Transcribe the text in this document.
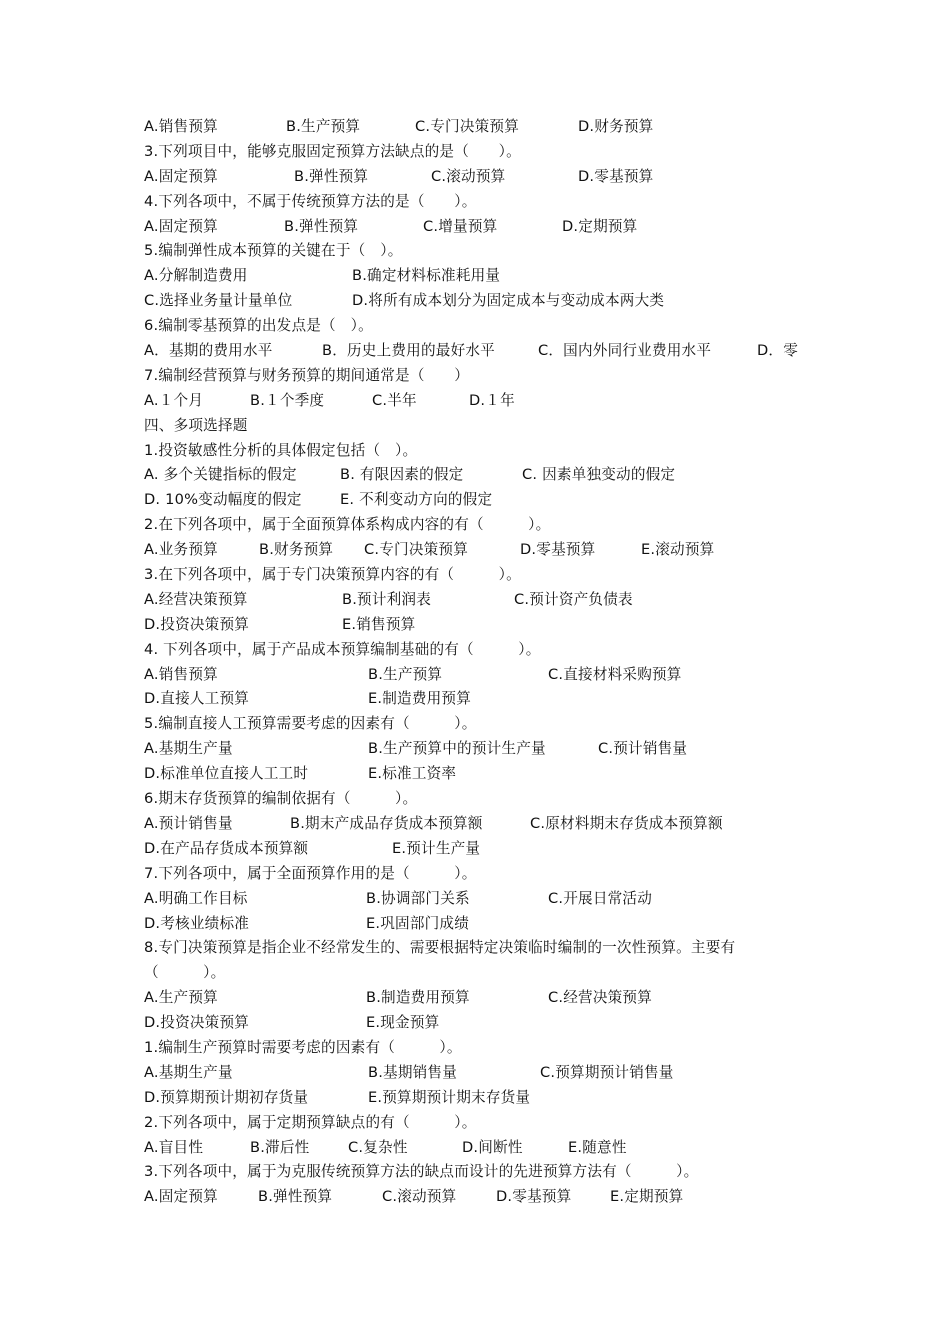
A.销售预算	B.生产预算	C.专门决策预算	D.财务预算
3.下列项目中，能够克服固定预算方法缺点的是（　　）。
A.固定预算	B.弹性预算	C.滚动预算	D.零基预算
4.下列各项中，不属于传统预算方法的是（　　）。
A.固定预算	B.弹性预算	C.增量预算	D.定期预算
5.编制弹性成本预算的关键在于（　）。
A.分解制造费用	B.确定材料标准耗用量
C.选择业务量计量单位	D.将所有成本划分为固定成本与变动成本两大类
6.编制零基预算的出发点是（　）。
A．基期的费用水平	B．历史上费用的最好水平	C．国内外同行业费用水平	D．零
7.编制经营预算与财务预算的期间通常是（　　）
A.１个月	B.１个季度	C.半年	D.１年
四、多项选择题
1.投资敏感性分析的具体假定包括（　）。
A. 多个关键指标的假定	B. 有限因素的假定	C. 因素单独变动的假定
D. 10%变动幅度的假定	E. 不利变动方向的假定
2.在下列各项中，属于全面预算体系构成内容的有（　　　）。
A.业务预算	B.财务预算 C.专门决策预算	D.零基预算	E.滚动预算
3.在下列各项中，属于专门决策预算内容的有（　　　）。
A.经营决策预算	B.预计利润表	C.预计资产负债表
D.投资决策预算	E.销售预算
4. 下列各项中，属于产品成本预算编制基础的有（　　　）。
A.销售预算	B.生产预算	C.直接材料采购预算
D.直接人工预算	E.制造费用预算
5.编制直接人工预算需要考虑的因素有（　　　）。
A.基期生产量	B.生产预算中的预计生产量	C.预计销售量
D.标准单位直接人工工时	E.标准工资率
6.期末存货预算的编制依据有（　　　）。
A.预计销售量	B.期末产成品存货成本预算额	C.原材料期末存货成本预算额
D.在产品存货成本预算额	E.预计生产量
7.下列各项中，属于全面预算作用的是（　　　）。
A.明确工作目标	B.协调部门关系	C.开展日常活动
D.考核业绩标准	E.巩固部门成绩
8.专门决策预算是指企业不经常发生的、需要根据特定决策临时编制的一次性预算。主要有
（　　　）。
A.生产预算	B.制造费用预算	C.经营决策预算
D.投资决策预算	E.现金预算
1.编制生产预算时需要考虑的因素有（　　　）。
A.基期生产量	B.基期销售量	C.预算期预计销售量
D.预算期预计期初存货量	E.预算期预计期末存货量
2.下列各项中，属于定期预算缺点的有（　　　）。
A.盲目性	B.滞后性	C.复杂性	D.间断性	E.随意性
3.下列各项中，属于为克服传统预算方法的缺点而设计的先进预算方法有（　　　）。
A.固定预算	B.弹性预算	C.滚动预算	D.零基预算	E.定期预算
